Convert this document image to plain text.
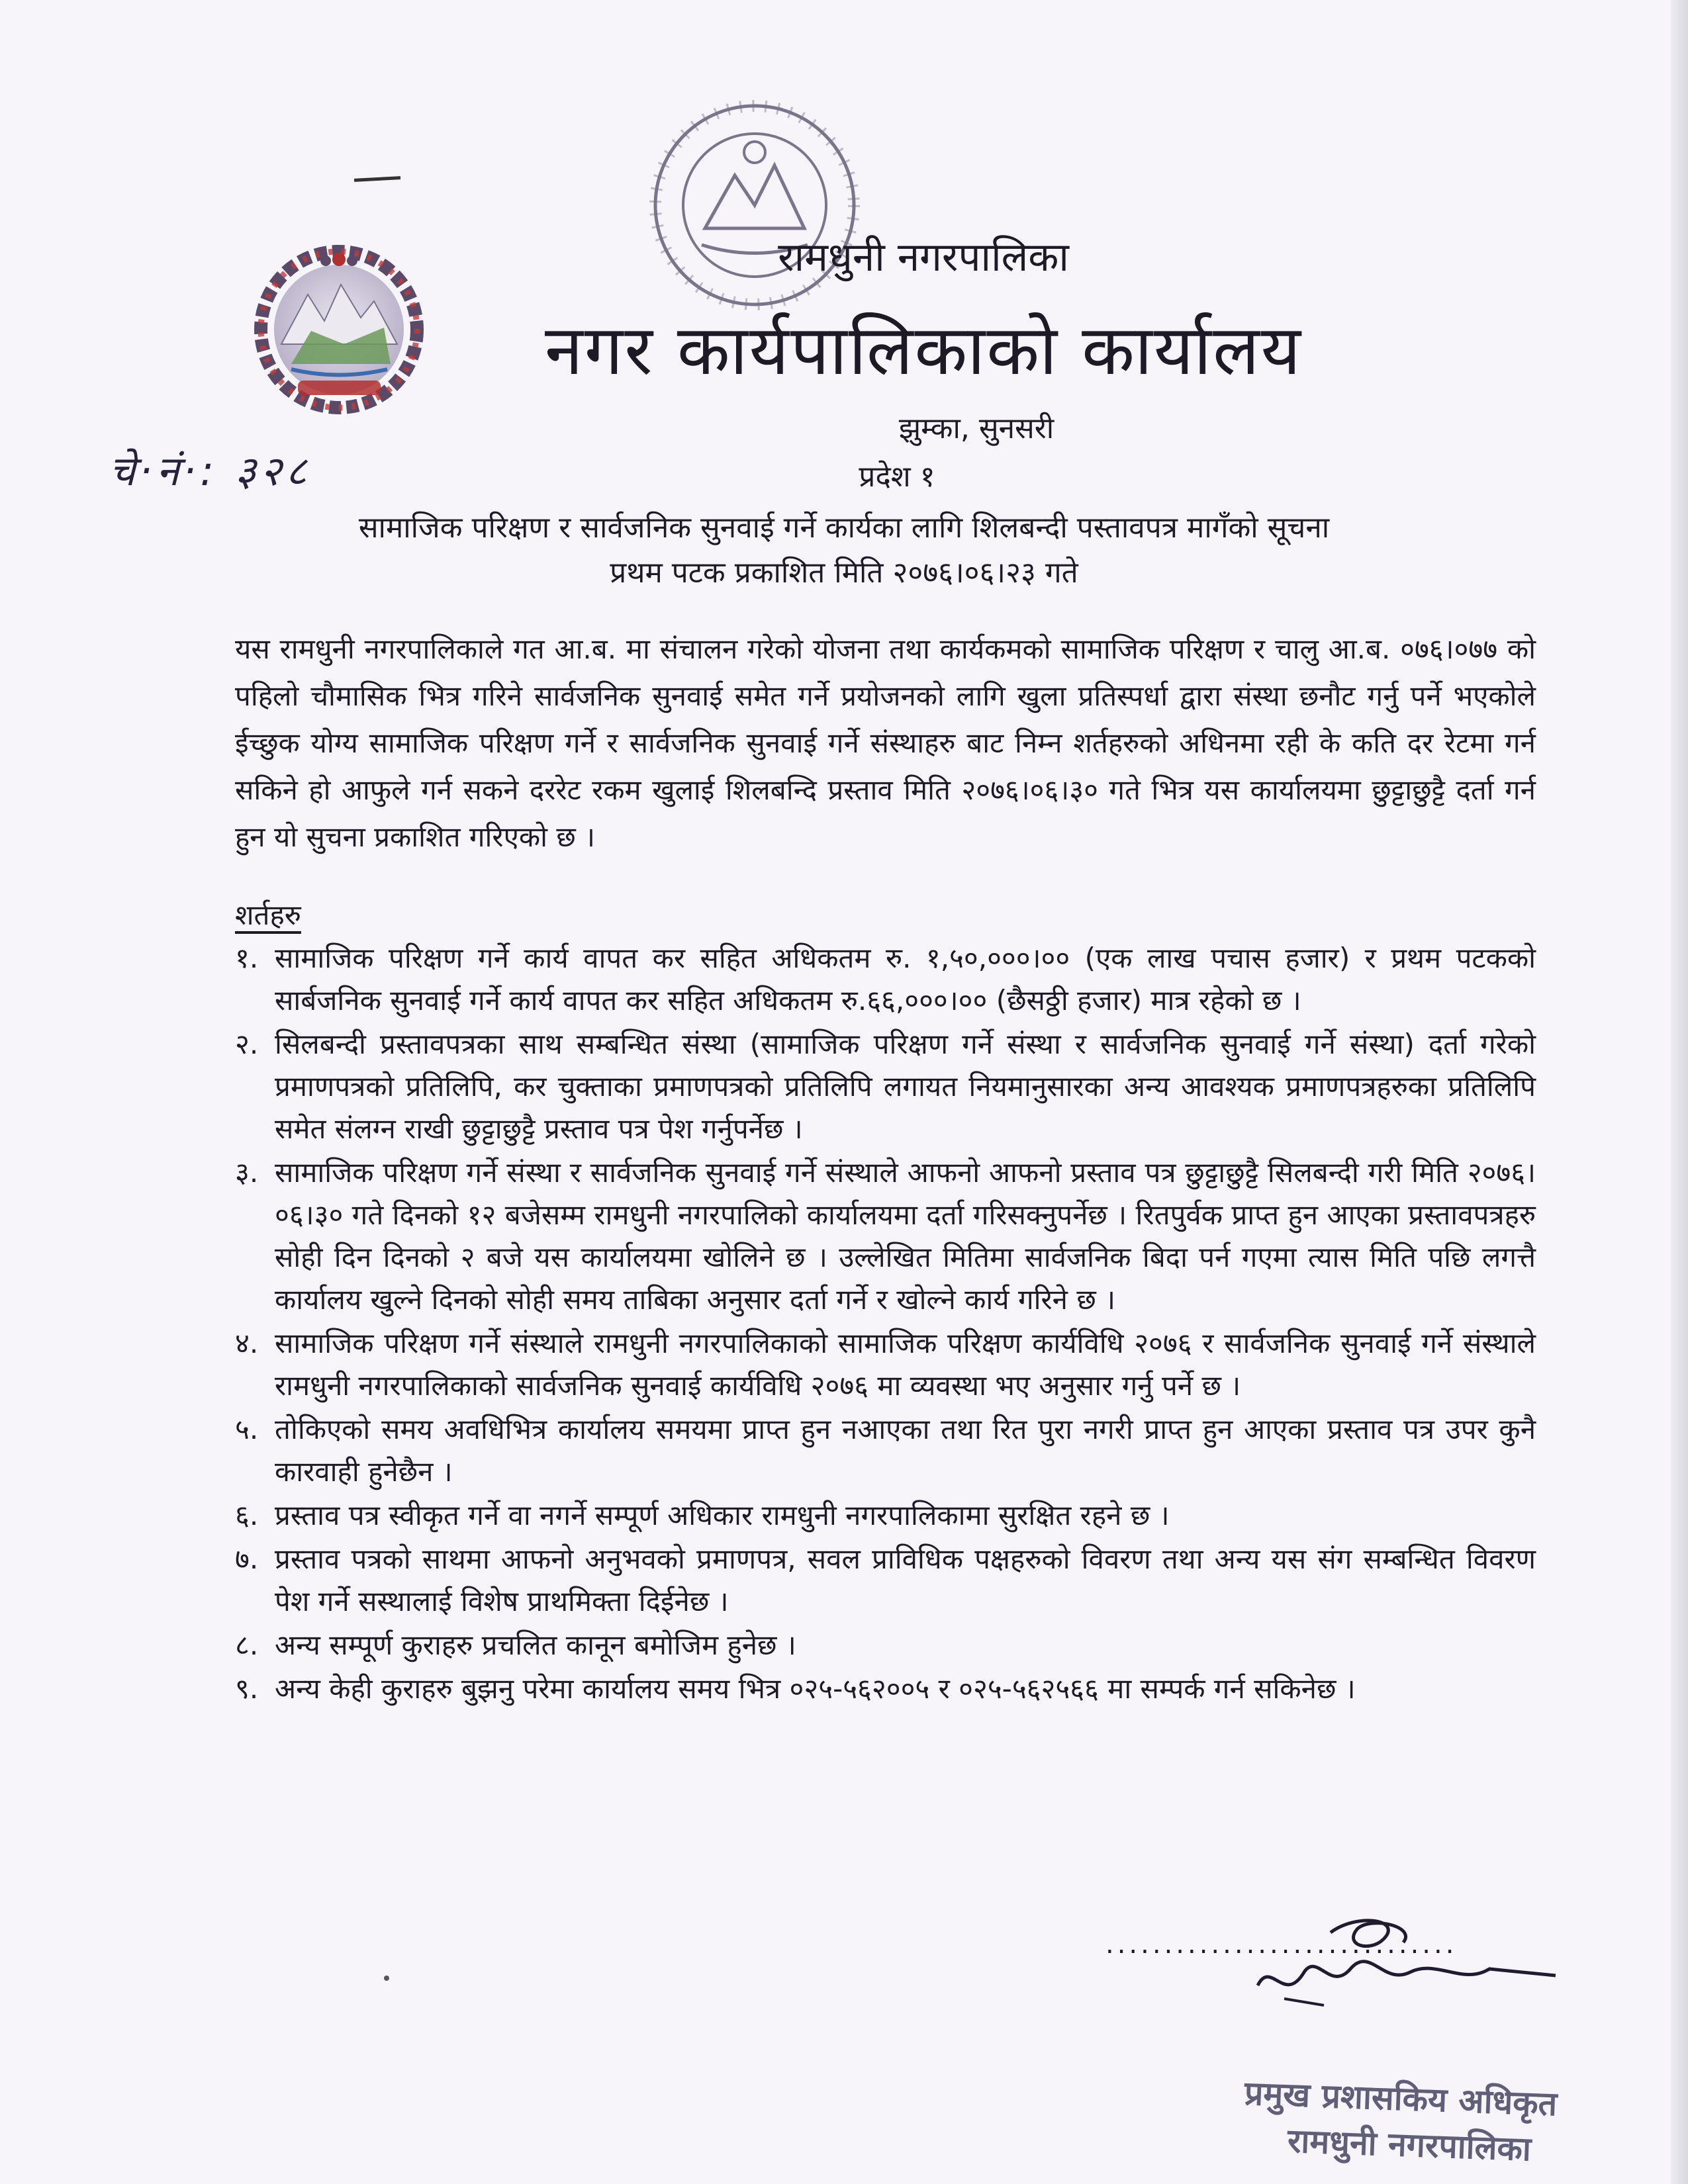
रामधुनी नगरपालिका
नगर कार्यपालिकाको कार्यालय
झुम्का, सुनसरी
प्रदेश १
चे·नं·: ३२८
सामाजिक परिक्षण र सार्वजनिक सुनवाई गर्ने कार्यका लागि शिलबन्दी पस्तावपत्र मागँको सूचना
प्रथम पटक प्रकाशित मिति २०७६।०६।२३ गते
यस रामधुनी नगरपालिकाले गत आ.ब. मा संचालन गरेको योजना तथा कार्यकमको सामाजिक परिक्षण र चालु आ.ब. ०७६।०७७ को पहिलो चौमासिक भित्र गरिने सार्वजनिक सुनवाई समेत गर्ने प्रयोजनको लागि खुला प्रतिस्पर्धा द्वारा संस्था छनौट गर्नु पर्ने भएकोले ईच्छुक योग्य सामाजिक परिक्षण गर्ने र सार्वजनिक सुनवाई गर्ने संस्थाहरु बाट निम्न शर्तहरुको अधिनमा रही के कति दर रेटमा गर्न सकिने हो आफुले गर्न सकने दररेट रकम खुलाई शिलबन्दि प्रस्ताव मिति २०७६।०६।३० गते भित्र यस कार्यालयमा छुट्टाछुट्टै दर्ता गर्न हुन यो सुचना प्रकाशित गरिएको छ ।
शर्तहरु
१. सामाजिक परिक्षण गर्ने कार्य वापत कर सहित अधिकतम रु. १,५०,०००।०० (एक लाख पचास हजार) र प्रथम पटकको सार्बजनिक सुनवाई गर्ने कार्य वापत कर सहित अधिकतम रु.६६,०००।०० (छैसठ्ठी हजार) मात्र रहेको छ ।
२. सिलबन्दी प्रस्तावपत्रका साथ सम्बन्धित संस्था (सामाजिक परिक्षण गर्ने संस्था र सार्वजनिक सुनवाई गर्ने संस्था) दर्ता गरेको प्रमाणपत्रको प्रतिलिपि, कर चुक्ताका प्रमाणपत्रको प्रतिलिपि लगायत नियमानुसारका अन्य आवश्यक प्रमाणपत्रहरुका प्रतिलिपि समेत संलग्न राखी छुट्टाछुट्टै प्रस्ताव पत्र पेश गर्नुपर्नेछ ।
३. सामाजिक परिक्षण गर्ने संस्था र सार्वजनिक सुनवाई गर्ने संस्थाले आफनो आफनो प्रस्ताव पत्र छुट्टाछुट्टै सिलबन्दी गरी मिति २०७६।०६।३० गते दिनको १२ बजेसम्म रामधुनी नगरपालिको कार्यालयमा दर्ता गरिसक्नुपर्नेछ । रितपुर्वक प्राप्त हुन आएका प्रस्तावपत्रहरु सोही दिन दिनको २ बजे यस कार्यालयमा खोलिने छ । उल्लेखित मितिमा सार्वजनिक बिदा पर्न गएमा त्यास मिति पछि लगत्तै कार्यालय खुल्ने दिनको सोही समय ताबिका अनुसार दर्ता गर्ने र खोल्ने कार्य गरिने छ ।
४. सामाजिक परिक्षण गर्ने संस्थाले रामधुनी नगरपालिकाको सामाजिक परिक्षण कार्यविधि २०७६ र सार्वजनिक सुनवाई गर्ने संस्थाले रामधुनी नगरपालिकाको सार्वजनिक सुनवाई कार्यविधि २०७६ मा व्यवस्था भए अनुसार गर्नु पर्ने छ ।
५. तोकिएको समय अवधिभित्र कार्यालय समयमा प्राप्त हुन नआएका तथा रित पुरा नगरी प्राप्त हुन आएका प्रस्ताव पत्र उपर कुनै कारवाही हुनेछैन ।
६. प्रस्ताव पत्र स्वीकृत गर्ने वा नगर्ने सम्पूर्ण अधिकार रामधुनी नगरपालिकामा सुरक्षित रहने छ ।
७. प्रस्ताव पत्रको साथमा आफनो अनुभवको प्रमाणपत्र, सवल प्राविधिक पक्षहरुको विवरण तथा अन्य यस संग सम्बन्धित विवरण पेश गर्ने सस्थालाई विशेष प्राथमिक्ता दिईनेछ ।
८. अन्य सम्पूर्ण कुराहरु प्रचलित कानून बमोजिम हुनेछ ।
९. अन्य केही कुराहरु बुझनु परेमा कार्यालय समय भित्र ०२५-५६२००५ र ०२५-५६२५६६ मा सम्पर्क गर्न सकिनेछ ।
..............................
प्रमुख प्रशासकिय अधिकृत
रामधुनी नगरपालिका
